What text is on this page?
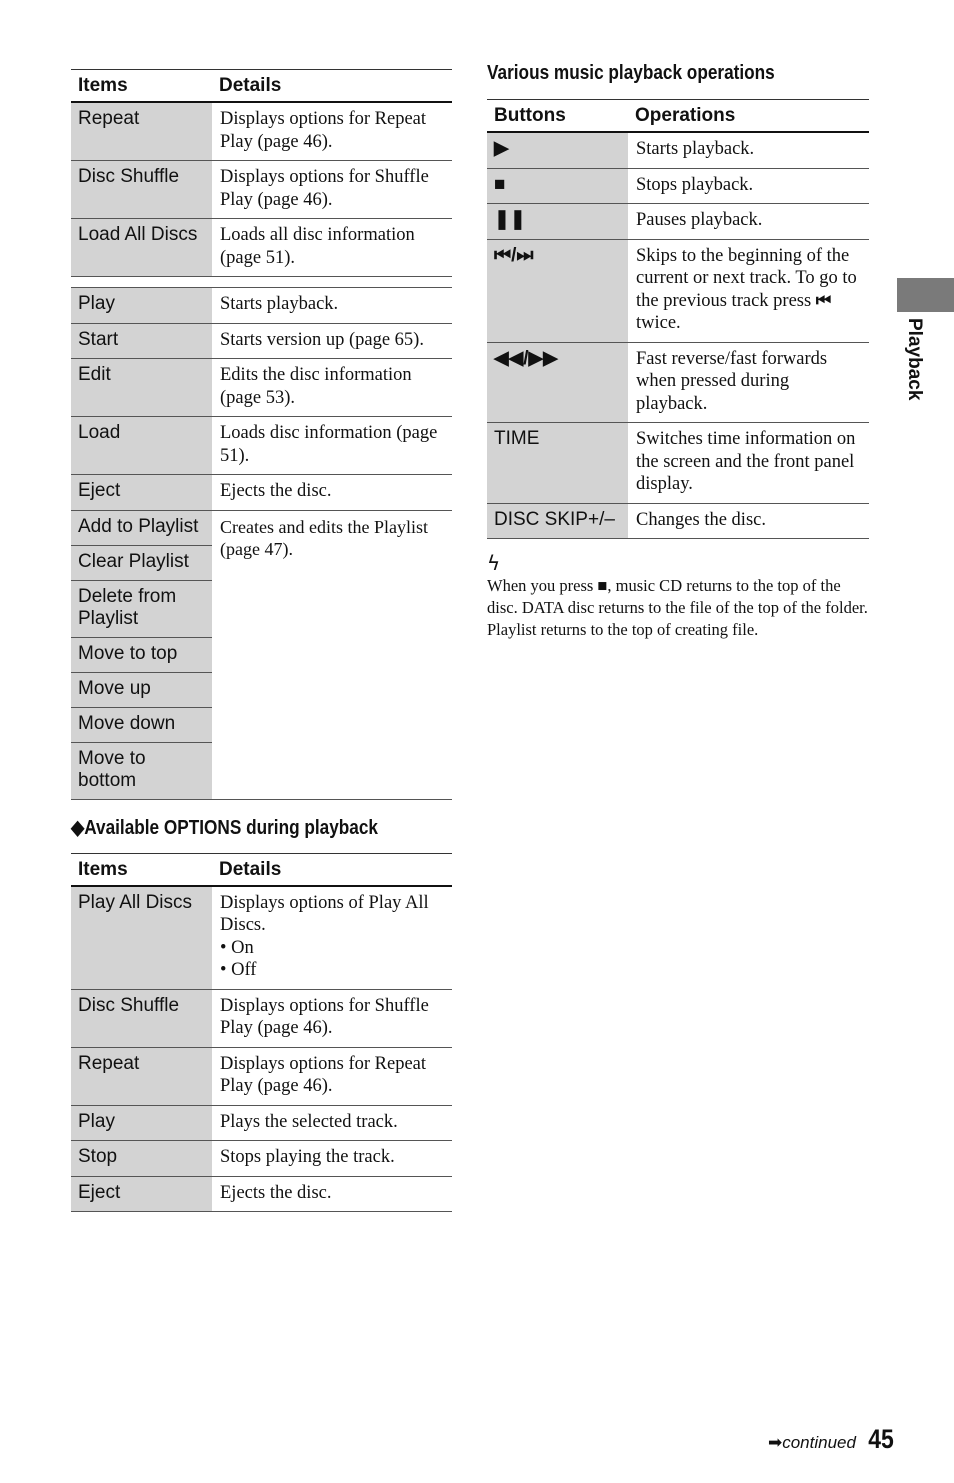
Items	Details
Repeat	Displays options for Repeat Play (page 46).
Disc Shuffle	Displays options for Shuffle Play (page 46).
Load All Discs	Loads all disc information (page 51).

Play	Starts playback.
Start	Starts version up (page 65).
Edit	Edits the disc information (page 53).
Load	Loads disc information (page 51).
Eject	Ejects the disc.
Add to Playlist	Creates and edits the Playlist (page 47).
Clear Playlist	
Delete from Playlist	
Move to top	
Move up	
Move down	
Move to bottom	
◆Available OPTIONS during playback
Items	Details
Play All Discs	Displays options of Play All Discs.
• On
• Off

Disc Shuffle	Displays options for Shuffle Play (page 46).
Repeat	Displays options for Repeat Play (page 46).
Play	Plays the selected track.
Stop	Stops playing the track.
Eject	Ejects the disc.
Various music playback operations
Buttons	Operations
▶	Starts playback.
■	Stops playback.
❚❚	Pauses playback.
⏮/⏭	Skips to the beginning of the current or next track. To go to the previous track press ⏮ twice.
◀◀/▶▶	Fast reverse/fast forwards when pressed during playback.
TIME	Switches time information on the screen and the front panel display.
DISC SKIP+/–	Changes the disc.
ϟ
When you press ■, music CD returns to the top of the disc. DATA disc returns to the file of the top of the folder. Playlist returns to the top of creating file.
Playback
➡ continued 45
